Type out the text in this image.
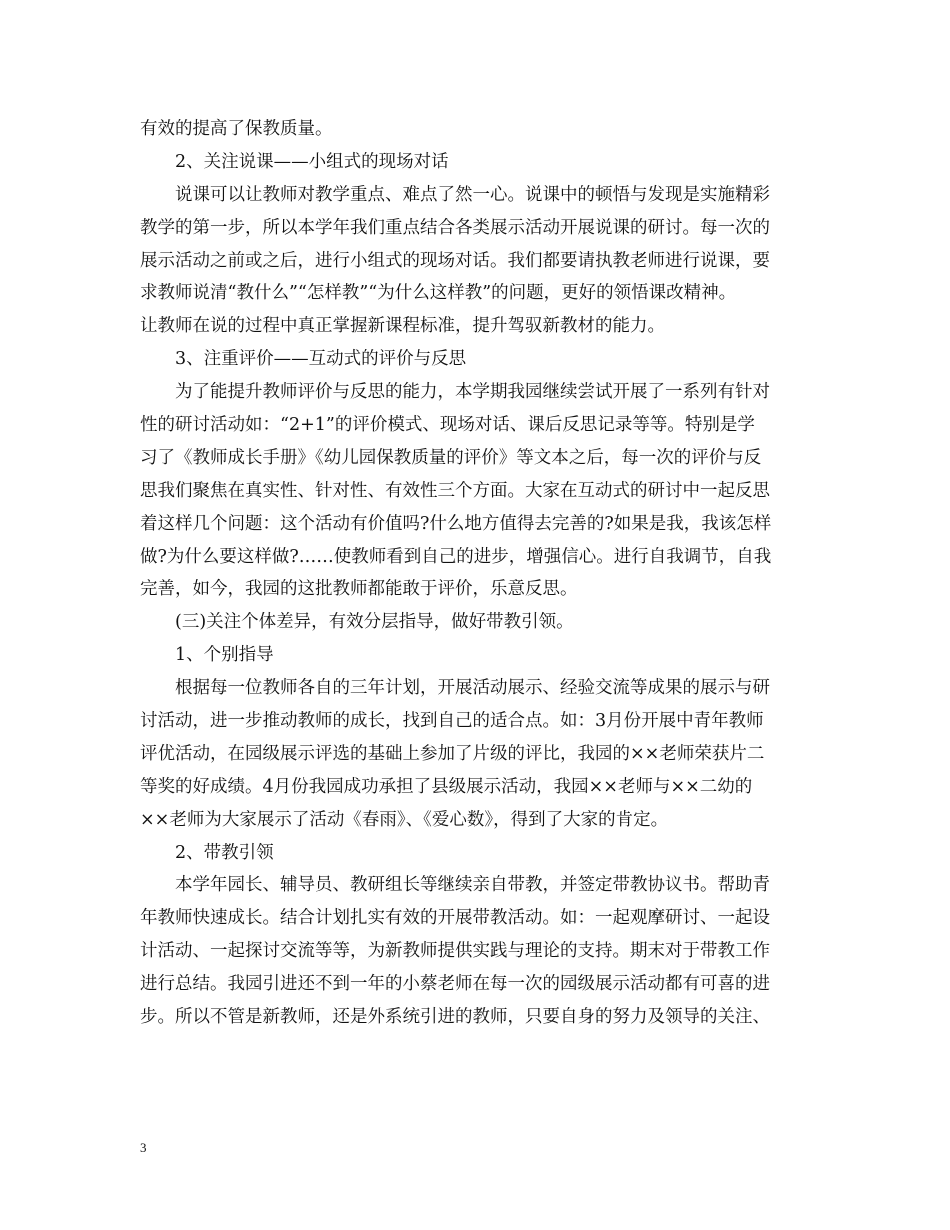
有效的提高了保教质量。
2、关注说课——小组式的现场对话
说课可以让教师对教学重点、难点了然一心。说课中的顿悟与发现是实施精彩
教学的第一步，所以本学年我们重点结合各类展示活动开展说课的研讨。每一次的
展示活动之前或之后，进行小组式的现场对话。我们都要请执教老师进行说课，要
求教师说清“教什么”“怎样教”“为什么这样教”的问题，更好的领悟课改精神。
让教师在说的过程中真正掌握新课程标准，提升驾驭新教材的能力。
3、注重评价——互动式的评价与反思
为了能提升教师评价与反思的能力，本学期我园继续尝试开展了一系列有针对
性的研讨活动如：“2+1”的评价模式、现场对话、课后反思记录等等。特别是学
习了《教师成长手册》《幼儿园保教质量的评价》等文本之后，每一次的评价与反
思我们聚焦在真实性、针对性、有效性三个方面。大家在互动式的研讨中一起反思
着这样几个问题：这个活动有价值吗?什么地方值得去完善的?如果是我，我该怎样
做?为什么要这样做?……使教师看到自己的进步，增强信心。进行自我调节，自我
完善，如今，我园的这批教师都能敢于评价，乐意反思。
(三)关注个体差异，有效分层指导，做好带教引领。
1、个别指导
根据每一位教师各自的三年计划，开展活动展示、经验交流等成果的展示与研
讨活动，进一步推动教师的成长，找到自己的适合点。如：3月份开展中青年教师
评优活动，在园级展示评选的基础上参加了片级的评比，我园的××老师荣获片二
等奖的好成绩。4月份我园成功承担了县级展示活动，我园××老师与××二幼的
××老师为大家展示了活动《春雨》、《爱心数》，得到了大家的肯定。
2、带教引领
本学年园长、辅导员、教研组长等继续亲自带教，并签定带教协议书。帮助青
年教师快速成长。结合计划扎实有效的开展带教活动。如：一起观摩研讨、一起设
计活动、一起探讨交流等等，为新教师提供实践与理论的支持。期末对于带教工作
进行总结。我园引进还不到一年的小蔡老师在每一次的园级展示活动都有可喜的进
步。所以不管是新教师，还是外系统引进的教师，只要自身的努力及领导的关注、
3
